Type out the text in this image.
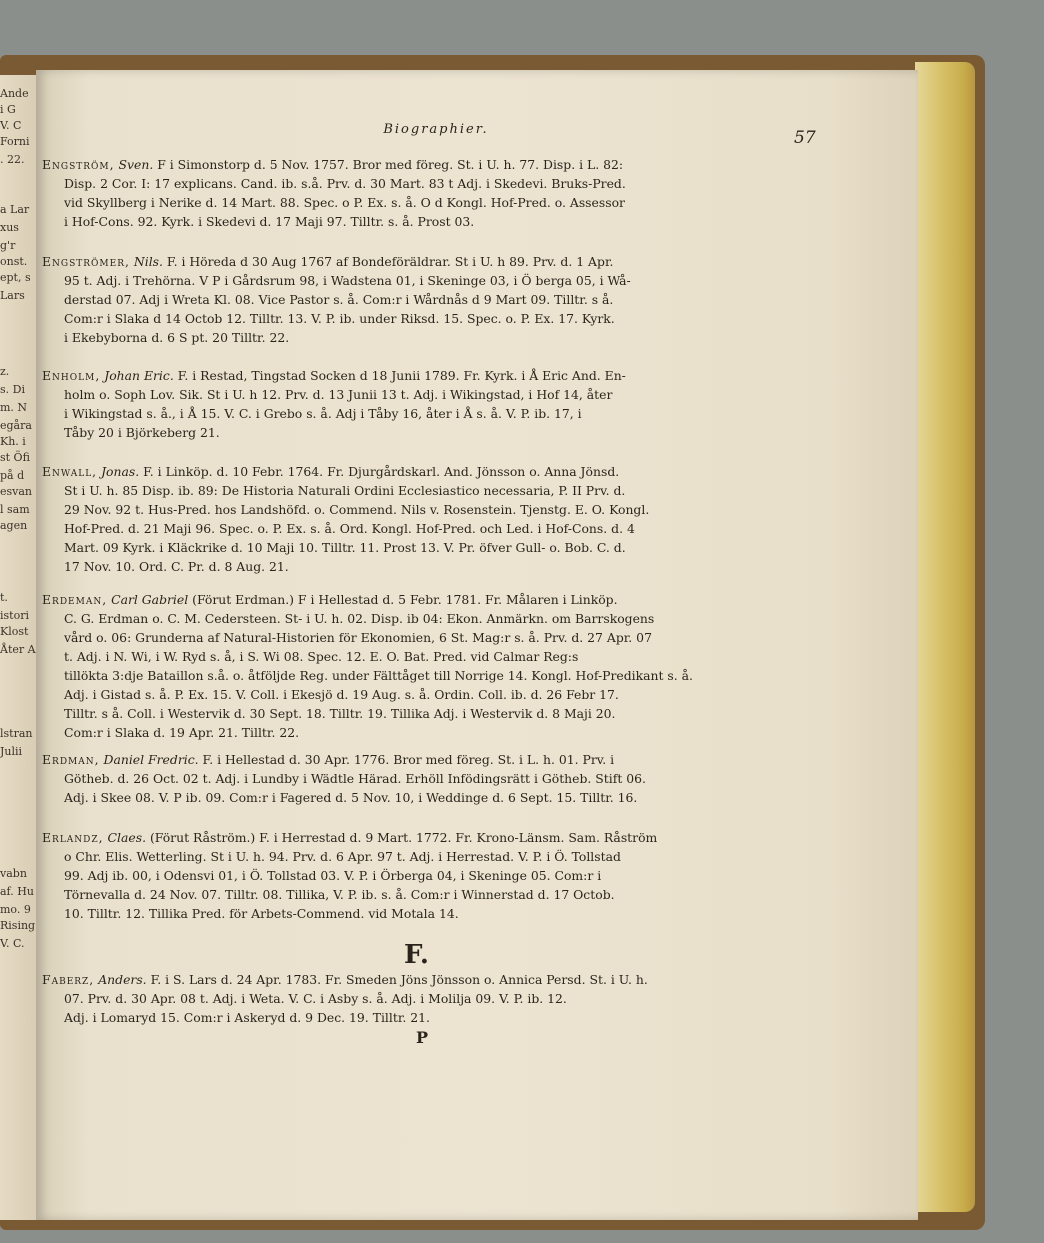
Ande
i G
V. C
Forni
. 22.
a Lar
xus
g'r
onst.
ept, s
Lars
z.
s. Di
m. N
egåra
Kh. i
st Öfi
på d
esvan
l sam
agen
t.
istori
Klost
Åter A
lstran
Julii
vabn
af. Hu
mo. 9
Rising
V. C.
Biographier.	57
Engström, Sven. F i Simonstorp d. 5 Nov. 1757. Bror med föreg. St. i U. h. 77. Disp. i L. 82:
Disp. 2 Cor. I: 17 explicans. Cand. ib. s.å. Prv. d. 30 Mart. 83 t Adj. i Skedevi. Bruks-Pred.
vid Skyllberg i Nerike d. 14 Mart. 88. Spec. o P. Ex. s. å. O d Kongl. Hof-Pred. o. Assessor
i Hof-Cons. 92. Kyrk. i Skedevi d. 17 Maji 97. Tilltr. s. å. Prost 03.
Engströmer, Nils. F. i Höreda d 30 Aug 1767 af Bondeföräldrar. St i U. h 89. Prv. d. 1 Apr.
95 t. Adj. i Trehörna. V P i Gårdsrum 98, i Wadstena 01, i Skeninge 03, i Ö berga 05, i Wå-
derstad 07. Adj i Wreta Kl. 08. Vice Pastor s. å. Com:r i Wårdnås d 9 Mart 09. Tilltr. s å.
Com:r i Slaka d 14 Octob 12. Tilltr. 13. V. P. ib. under Riksd. 15. Spec. o. P. Ex. 17. Kyrk.
i Ekebyborna d. 6 S pt. 20 Tilltr. 22.
Enholm, Johan Eric. F. i Restad, Tingstad Socken d 18 Junii 1789. Fr. Kyrk. i Å Eric And. En-
holm o. Soph Lov. Sik. St i U. h 12. Prv. d. 13 Junii 13 t. Adj. i Wikingstad, i Hof 14, åter
i Wikingstad s. å., i Å 15. V. C. i Grebo s. å. Adj i Tåby 16, åter i Å s. å. V. P. ib. 17, i
Tåby 20 i Björkeberg 21.
Enwall, Jonas. F. i Linköp. d. 10 Febr. 1764. Fr. Djurgårdskarl. And. Jönsson o. Anna Jönsd.
St i U. h. 85 Disp. ib. 89: De Historia Naturali Ordini Ecclesiastico necessaria, P. II Prv. d.
29 Nov. 92 t. Hus-Pred. hos Landshöfd. o. Commend. Nils v. Rosenstein. Tjenstg. E. O. Kongl.
Hof-Pred. d. 21 Maji 96. Spec. o. P. Ex. s. å. Ord. Kongl. Hof-Pred. och Led. i Hof-Cons. d. 4
Mart. 09 Kyrk. i Kläckrike d. 10 Maji 10. Tilltr. 11. Prost 13. V. Pr. öfver Gull- o. Bob. C. d.
17 Nov. 10. Ord. C. Pr. d. 8 Aug. 21.
Erdeman, Carl Gabriel (Förut Erdman.) F i Hellestad d. 5 Febr. 1781. Fr. Målaren i Linköp.
C. G. Erdman o. C. M. Cedersteen. St- i U. h. 02. Disp. ib 04: Ekon. Anmärkn. om Barrskogens
vård o. 06: Grunderna af Natural-Historien för Ekonomien, 6 St. Mag:r s. å. Prv. d. 27 Apr. 07
t. Adj. i N. Wi, i W. Ryd s. å, i S. Wi 08. Spec. 12. E. O. Bat. Pred. vid Calmar Reg:s
tillökta 3:dje Bataillon s.å. o. åtföljde Reg. under Fälttåget till Norrige 14. Kongl. Hof-Predikant s. å.
Adj. i Gistad s. å. P. Ex. 15. V. Coll. i Ekesjö d. 19 Aug. s. å. Ordin. Coll. ib. d. 26 Febr 17.
Tilltr. s å. Coll. i Westervik d. 30 Sept. 18. Tilltr. 19. Tillika Adj. i Westervik d. 8 Maji 20.
Com:r i Slaka d. 19 Apr. 21. Tilltr. 22.
Erdman, Daniel Fredric. F. i Hellestad d. 30 Apr. 1776. Bror med föreg. St. i L. h. 01. Prv. i
Götheb. d. 26 Oct. 02 t. Adj. i Lundby i Wädtle Härad. Erhöll Infödingsrätt i Götheb. Stift 06.
Adj. i Skee 08. V. P ib. 09. Com:r i Fagered d. 5 Nov. 10, i Weddinge d. 6 Sept. 15. Tilltr. 16.
Erlandz, Claes. (Förut Råström.) F. i Herrestad d. 9 Mart. 1772. Fr. Krono-Länsm. Sam. Råström
o Chr. Elis. Wetterling. St i U. h. 94. Prv. d. 6 Apr. 97 t. Adj. i Herrestad. V. P. i Ö. Tollstad
99. Adj ib. 00, i Odensvi 01, i Ö. Tollstad 03. V. P. i Örberga 04, i Skeninge 05. Com:r i
Törnevalla d. 24 Nov. 07. Tilltr. 08. Tillika, V. P. ib. s. å. Com:r i Winnerstad d. 17 Octob.
10. Tilltr. 12. Tillika Pred. för Arbets-Commend. vid Motala 14.
Faberz, Anders. F. i S. Lars d. 24 Apr. 1783. Fr. Smeden Jöns Jönsson o. Annica Persd. St. i U. h.
07. Prv. d. 30 Apr. 08 t. Adj. i Weta. V. C. i Asby s. å. Adj. i Molilja 09. V. P. ib. 12.
Adj. i Lomaryd 15. Com:r i Askeryd d. 9 Dec. 19. Tilltr. 21.
F.
P
